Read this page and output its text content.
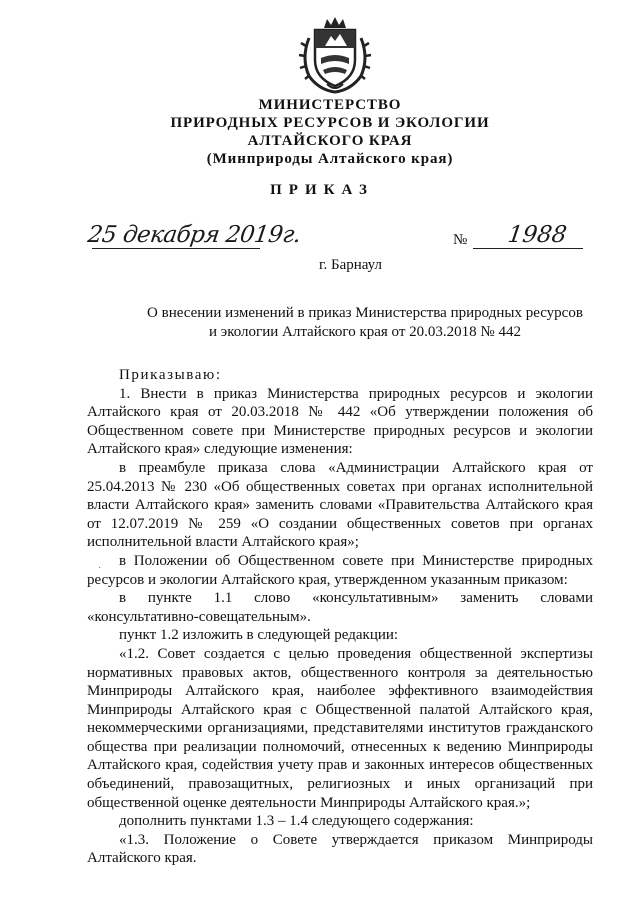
МИНИСТЕРСТВО
ПРИРОДНЫХ РЕСУРСОВ И ЭКОЛОГИИ
АЛТАЙСКОГО КРАЯ
(Минприроды Алтайского края)
ПРИКАЗ
25 декабря 2019г.	№ 1988
г. Барнаул
О внесении изменений в приказ Министерства природных ресурсов
и экологии Алтайского края от 20.03.2018 № 442

Приказываю:

1. Внести в приказ Министерства природных ресурсов и экологии Алтайского края от 20.03.2018 № 442 «Об утверждении положения об Общественном совете при Министерстве природных ресурсов и экологии Алтайского края» следующие изменения:

в преамбуле приказа слова «Администрации Алтайского края от 25.04.2013 № 230 «Об общественных советах при органах исполнительной власти Алтайского края» заменить словами «Правительства Алтайского края от 12.07.2019 № 259 «О создании общественных советов при органах исполнительной власти Алтайского края»;

в Положении об Общественном совете при Министерстве природных ресурсов и экологии Алтайского края, утвержденном указанным приказом:

в пункте 1.1 слово «консультативным» заменить словами «консультативно-совещательным».

пункт 1.2 изложить в следующей редакции:

«1.2. Совет создается с целью проведения общественной экспертизы нормативных правовых актов, общественного контроля за деятельностью Минприроды Алтайского края, наиболее эффективного взаимодействия Минприроды Алтайского края с Общественной палатой Алтайского края, некоммерческими организациями, представителями институтов гражданского общества при реализации полномочий, отнесенных к ведению Минприроды Алтайского края, содействия учету прав и законных интересов общественных объединений, правозащитных, религиозных и иных организаций при общественной оценке деятельности Минприроды Алтайского края.»;

дополнить пунктами 1.3 – 1.4 следующего содержания:

«1.3. Положение о Совете утверждается приказом Минприроды Алтайского края.

·
